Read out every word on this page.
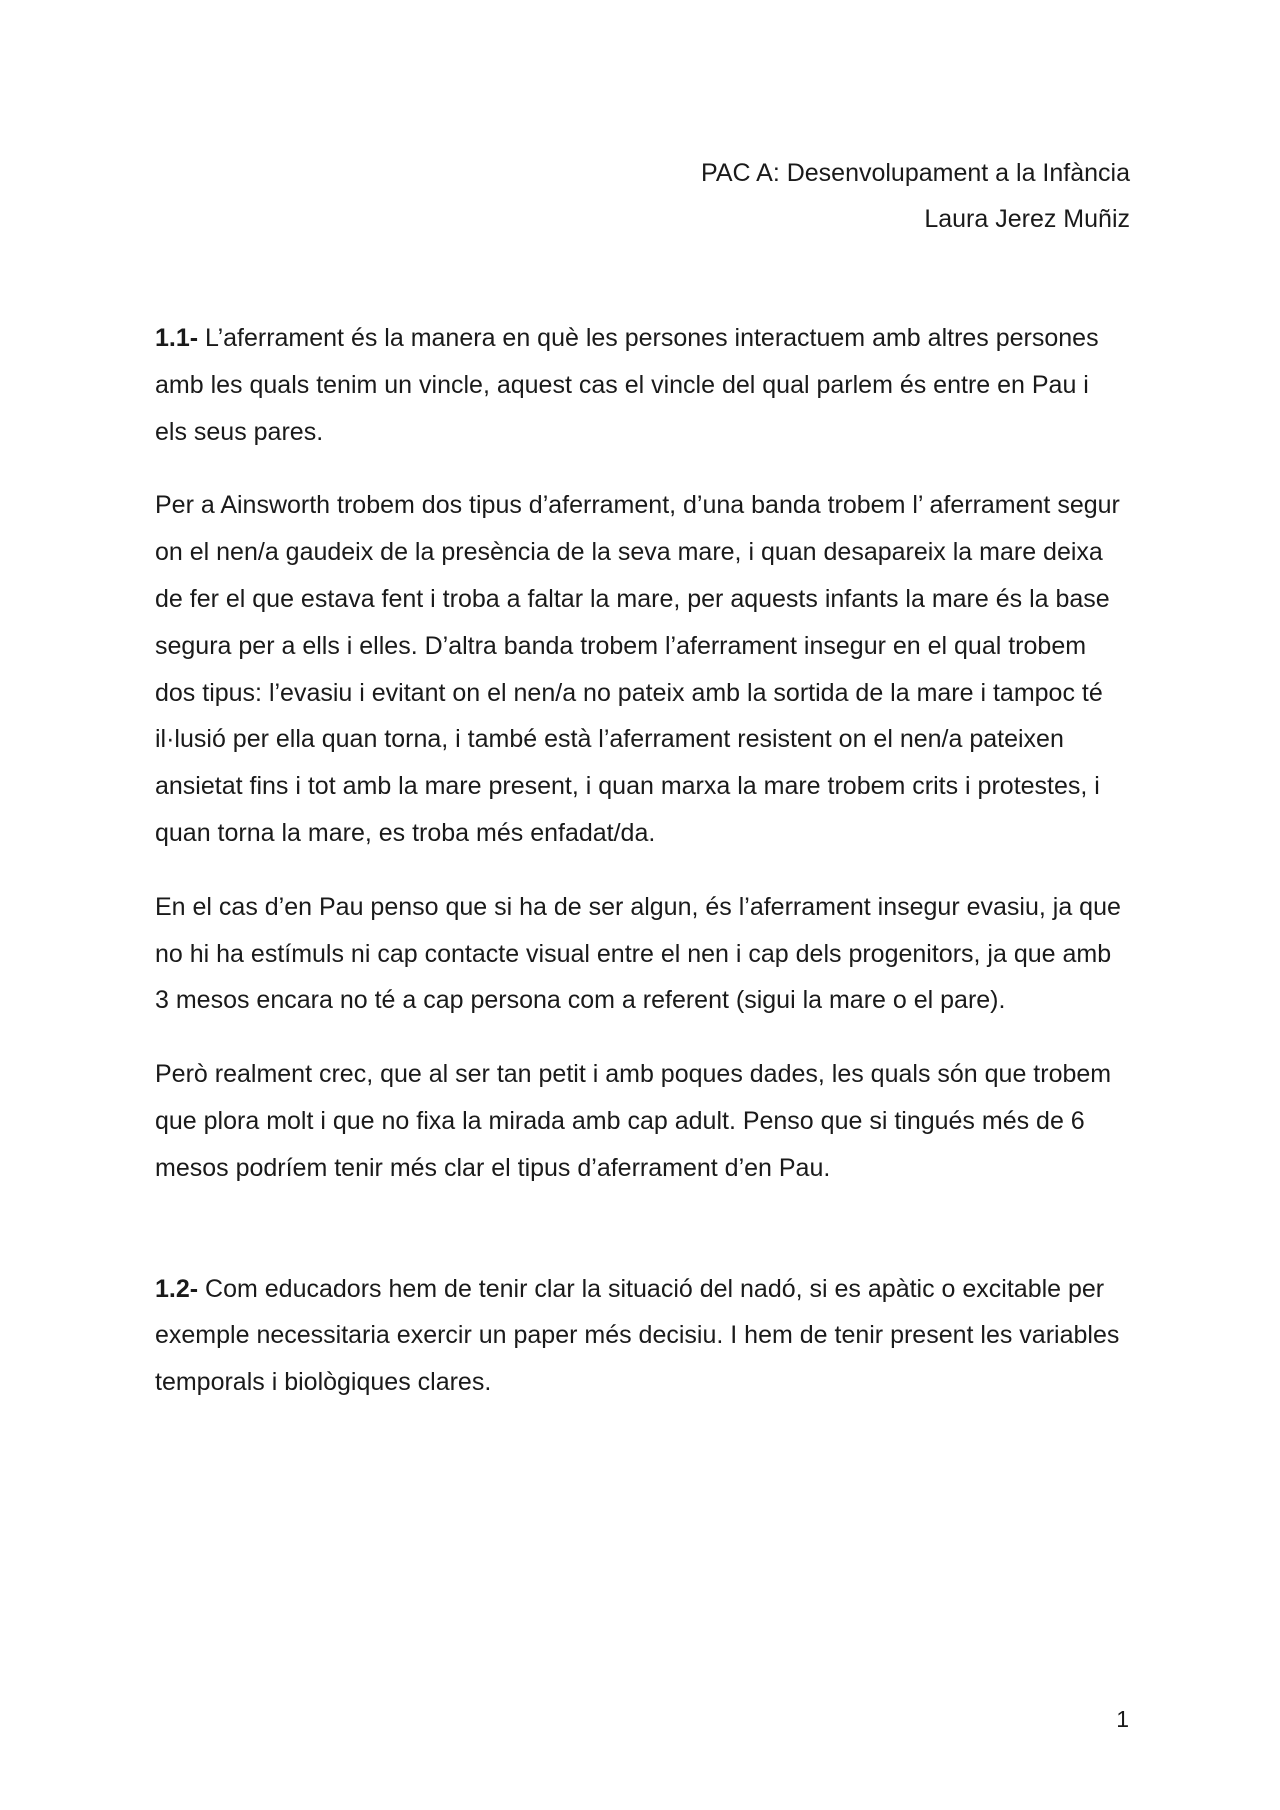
PAC A: Desenvolupament a la Infància
Laura Jerez Muñiz

1.1- L’aferrament és la manera en què les persones interactuem amb altres persones amb les quals tenim un vincle, aquest cas el vincle del qual parlem és entre en Pau i els seus pares.

Per a Ainsworth trobem dos tipus d’aferrament, d’una banda trobem l’ aferrament segur on el nen/a gaudeix de la presència de la seva mare, i quan desapareix la mare deixa de fer el que estava fent i troba a faltar la mare, per aquests infants la mare és la base segura per a ells i elles. D’altra banda trobem l’aferrament insegur en el qual trobem dos tipus: l’evasiu i evitant on el nen/a no pateix amb la sortida de la mare i tampoc té il·lusió per ella quan torna, i també està l’aferrament resistent on el nen/a pateixen ansietat fins i tot amb la mare present, i quan marxa la mare trobem crits i protestes, i quan torna la mare, es troba més enfadat/da.

En el cas d’en Pau penso que si ha de ser algun, és l’aferrament insegur evasiu, ja que no hi ha estímuls ni cap contacte visual entre el nen i cap dels progenitors, ja que amb 3 mesos encara no té a cap persona com a referent (sigui la mare o el pare).

Però realment crec, que al ser tan petit i amb poques dades, les quals són que trobem que plora molt i que no fixa la mirada amb cap adult. Penso que si tingués més de 6 mesos podríem tenir més clar el tipus d’aferrament d’en Pau.

1.2- Com educadors hem de tenir clar la situació del nadó, si es apàtic o excitable per exemple necessitaria exercir un paper més decisiu. I hem de tenir present les variables temporals i biològiques clares.

1
